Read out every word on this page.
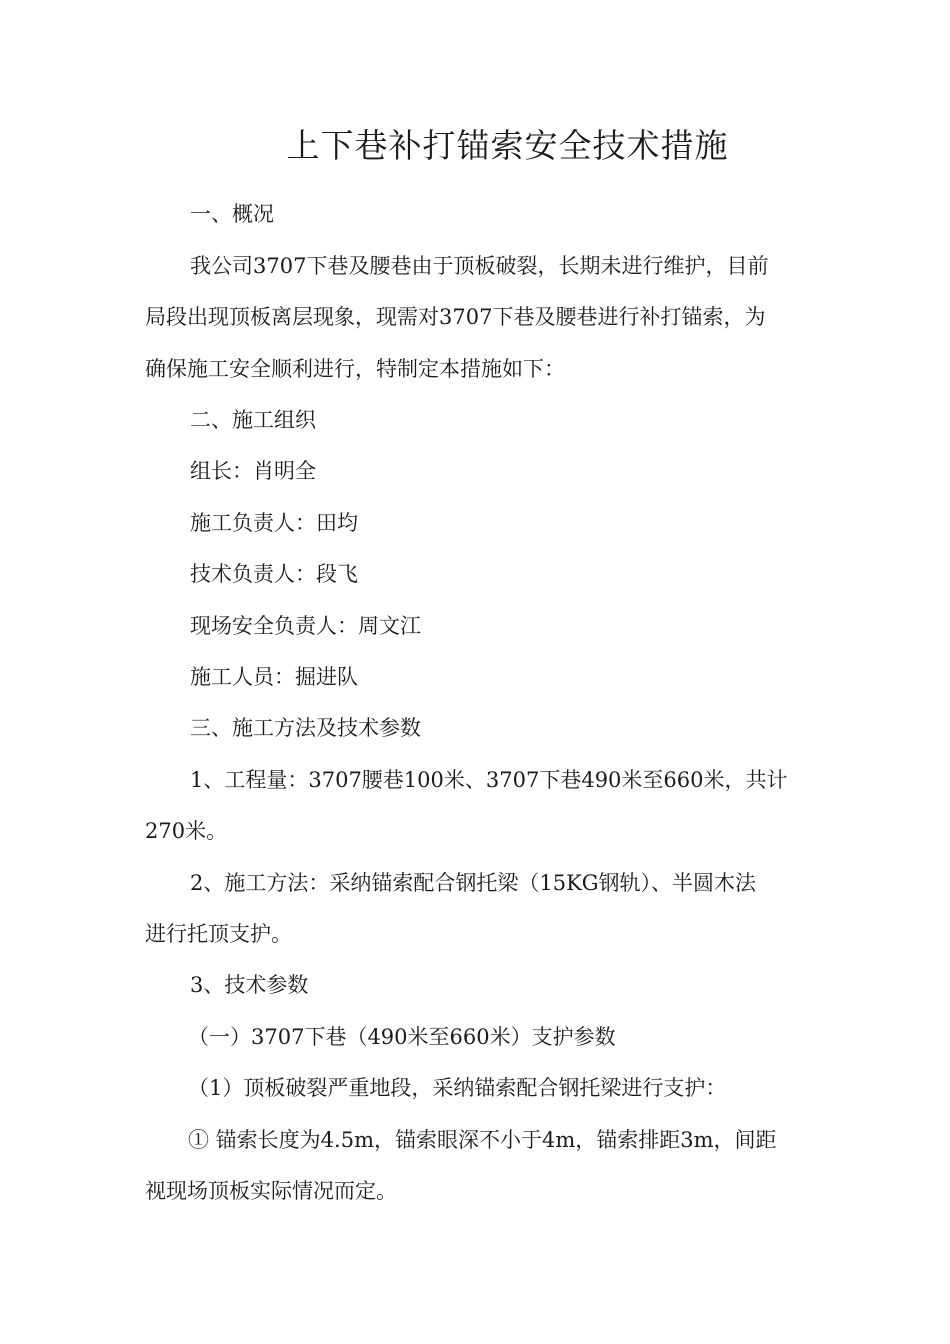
上下巷补打锚索安全技术措施
一、概况
我公司3707下巷及腰巷由于顶板破裂，长期未进行维护，目前
局段出现顶板离层现象，现需对3707下巷及腰巷进行补打锚索，为
确保施工安全顺利进行，特制定本措施如下：
二、施工组织
组长：肖明全
施工负责人：田均
技术负责人：段飞
现场安全负责人：周文江
施工人员：掘进队
三、施工方法及技术参数
1、工程量：3707腰巷100米、3707下巷490米至660米，共计
270米。
2、施工方法：采纳锚索配合钢托梁（15KG钢轨）、半圆木法
进行托顶支护。
3、技术参数
（一）3707下巷（490米至660米）支护参数
（1）顶板破裂严重地段，采纳锚索配合钢托梁进行支护：
① 锚索长度为4.5m，锚索眼深不小于4m，锚索排距3m，间距
视现场顶板实际情况而定。
